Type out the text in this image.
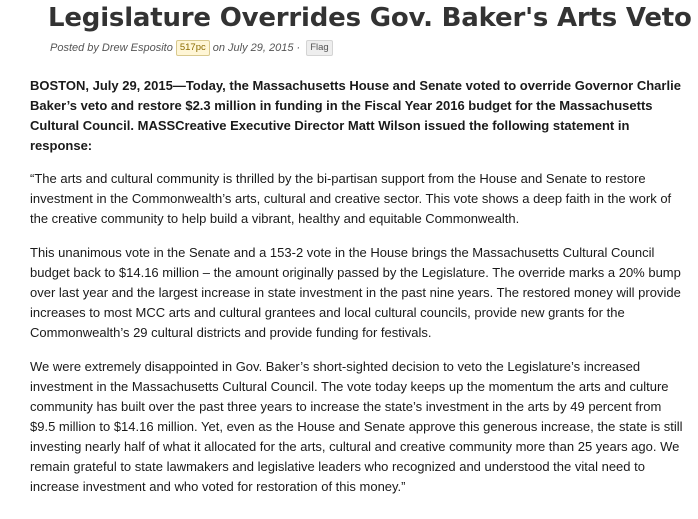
Legislature Overrides Gov. Baker's Arts Veto
Posted by Drew Esposito 517pc on July 29, 2015 ·	Flag

BOSTON, July 29, 2015—Today, the Massachusetts House and Senate voted to override Governor Charlie Baker’s veto and restore $2.3 million in funding in the Fiscal Year 2016 budget for the Massachusetts Cultural Council. MASSCreative Executive Director Matt Wilson issued the following statement in response:

“The arts and cultural community is thrilled by the bi-partisan support from the House and Senate to restore investment in the Commonwealth’s arts, cultural and creative sector. This vote shows a deep faith in the work of the creative community to help build a vibrant, healthy and equitable Commonwealth.

This unanimous vote in the Senate and a 153-2 vote in the House brings the Massachusetts Cultural Council budget back to $14.16 million – the amount originally passed by the Legislature. The override marks a 20% bump over last year and the largest increase in state investment in the past nine years. The restored money will provide increases to most MCC arts and cultural grantees and local cultural councils, provide new grants for the Commonwealth’s 29 cultural districts and provide funding for festivals.

We were extremely disappointed in Gov. Baker’s short-sighted decision to veto the Legislature’s increased investment in the Massachusetts Cultural Council. The vote today keeps up the momentum the arts and culture community has built over the past three years to increase the state’s investment in the arts by 49 percent from $9.5 million to $14.16 million. Yet, even as the House and Senate approve this generous increase, the state is still investing nearly half of what it allocated for the arts, cultural and creative community more than 25 years ago. We remain grateful to state lawmakers and legislative leaders who recognized and understood the vital need to increase investment and who voted for restoration of this money.”
